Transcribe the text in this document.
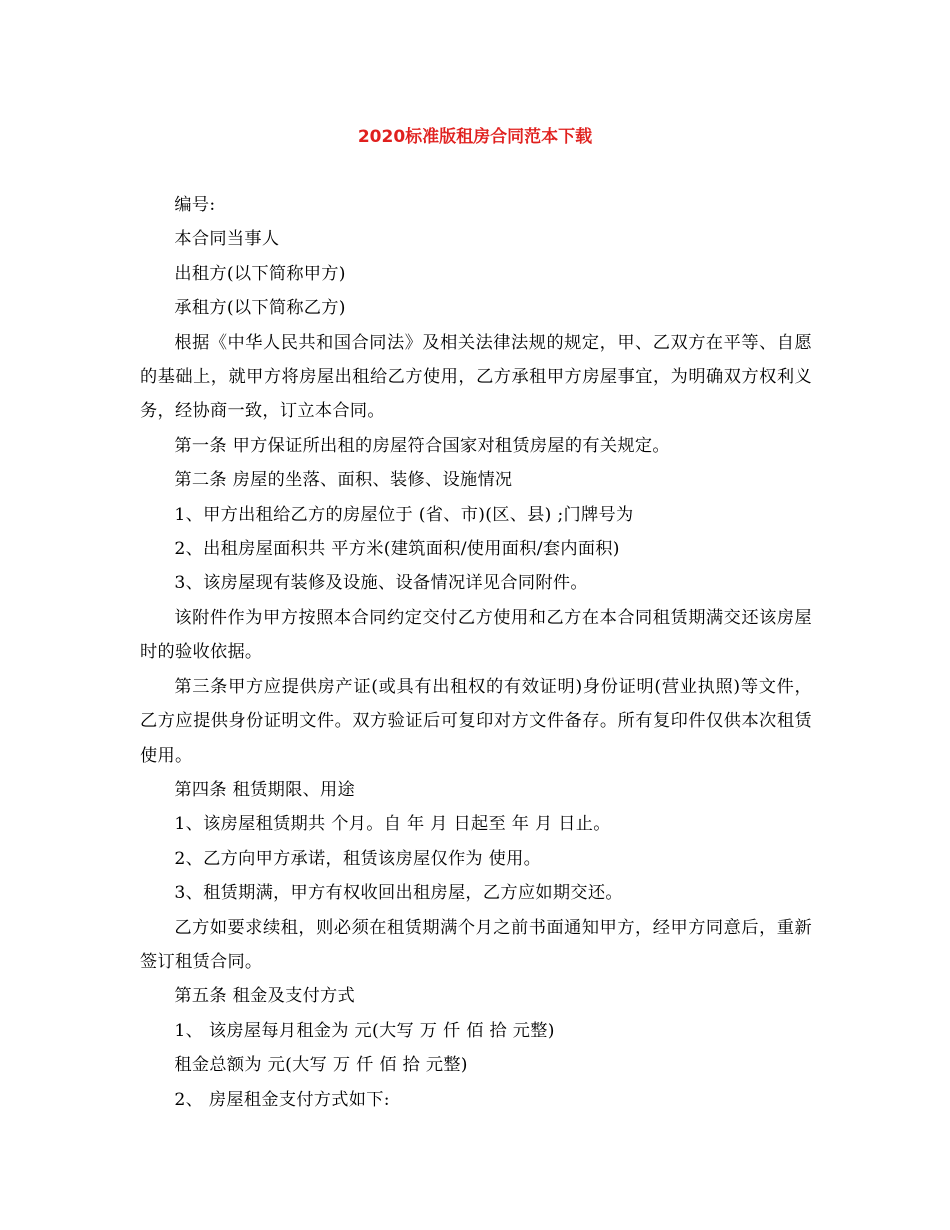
2020标准版租房合同范本下载

编号:

本合同当事人

出租方(以下简称甲方)

承租方(以下简称乙方)

根据《中华人民共和国合同法》及相关法律法规的规定，甲、乙双方在平等、自愿的基础上，就甲方将房屋出租给乙方使用，乙方承租甲方房屋事宜，为明确双方权利义务，经协商一致，订立本合同。

第一条 甲方保证所出租的房屋符合国家对租赁房屋的有关规定。

第二条 房屋的坐落、面积、装修、设施情况

1、甲方出租给乙方的房屋位于 (省、市)(区、县) ;门牌号为

2、出租房屋面积共 平方米(建筑面积/使用面积/套内面积)

3、该房屋现有装修及设施、设备情况详见合同附件。

该附件作为甲方按照本合同约定交付乙方使用和乙方在本合同租赁期满交还该房屋时的验收依据。

第三条甲方应提供房产证(或具有出租权的有效证明)身份证明(营业执照)等文件，乙方应提供身份证明文件。双方验证后可复印对方文件备存。所有复印件仅供本次租赁使用。

第四条 租赁期限、用途

1、该房屋租赁期共 个月。自 年 月 日起至 年 月 日止。

2、乙方向甲方承诺，租赁该房屋仅作为 使用。

3、租赁期满，甲方有权收回出租房屋，乙方应如期交还。

乙方如要求续租，则必须在租赁期满个月之前书面通知甲方，经甲方同意后，重新签订租赁合同。

第五条 租金及支付方式

1、 该房屋每月租金为 元(大写 万 仟 佰 拾 元整)

租金总额为 元(大写 万 仟 佰 拾 元整)

2、 房屋租金支付方式如下:
